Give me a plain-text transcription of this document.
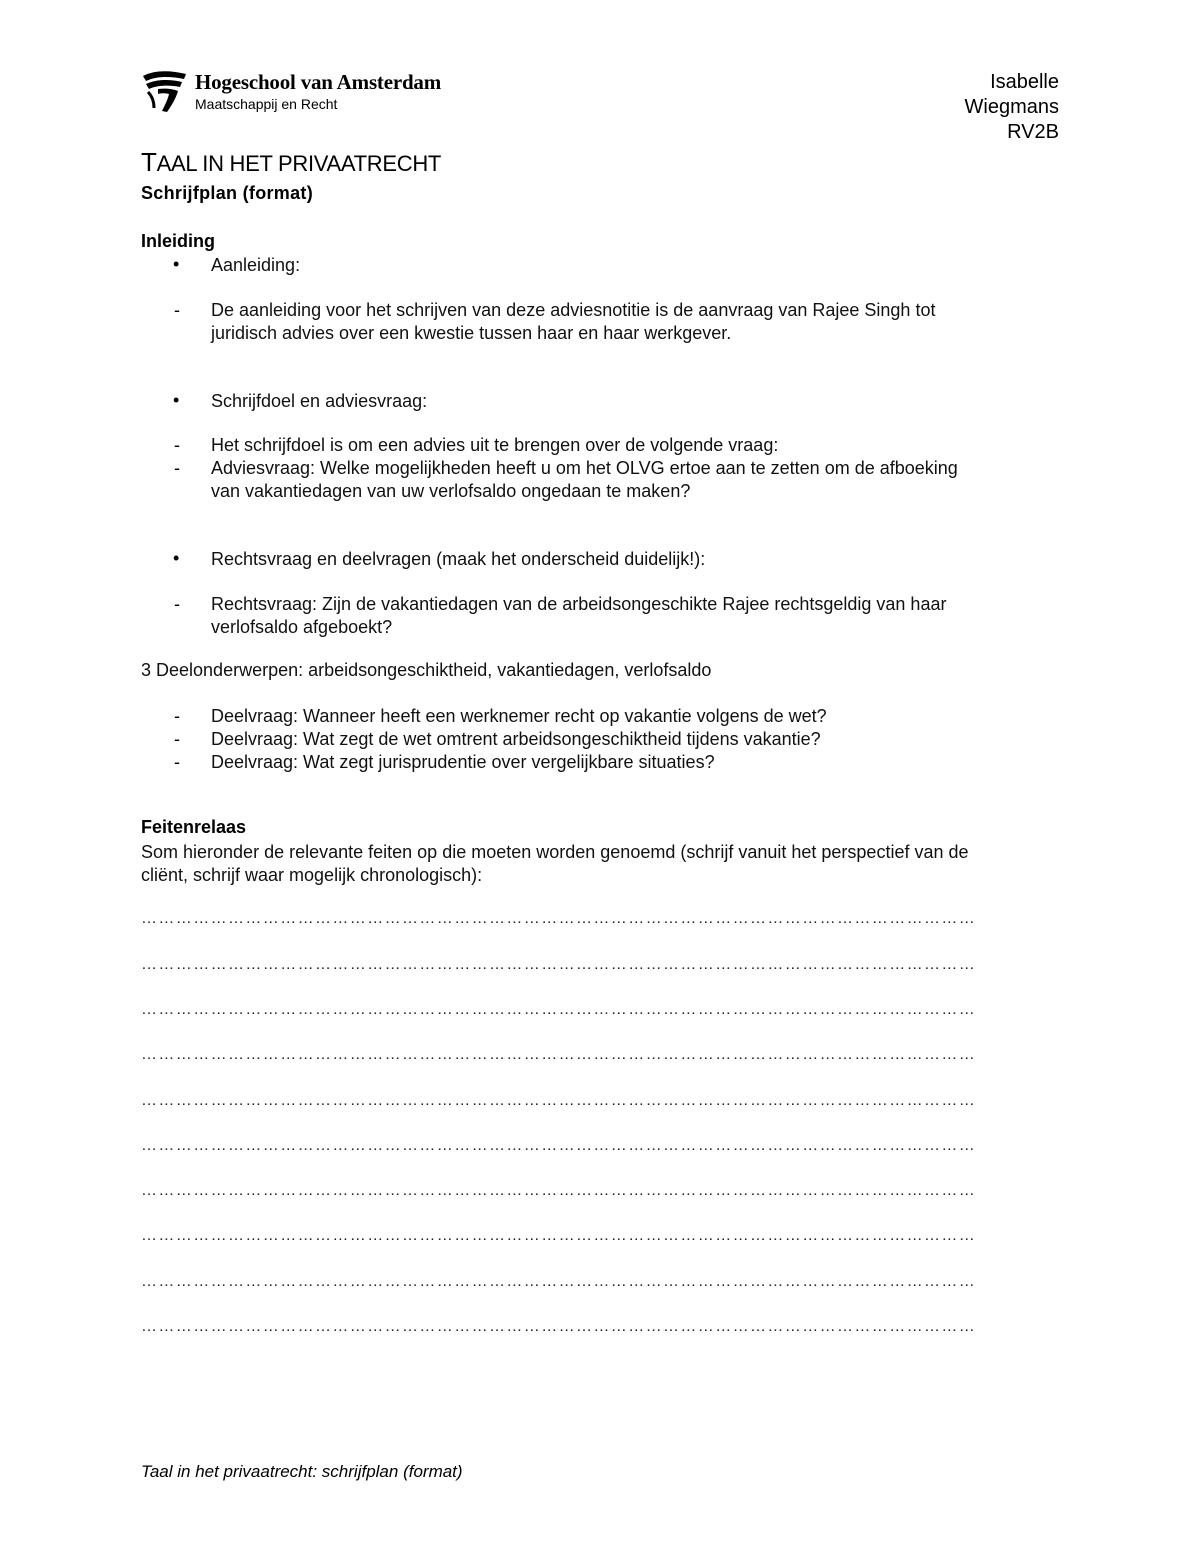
Hogeschool van Amsterdam
Maatschappij en Recht
Isabelle
Wiegmans
RV2B
TAAL IN HET PRIVAATRECHT
Schrijfplan (format)
Inleiding
• Aanleiding:
- De aanleiding voor het schrijven van deze adviesnotitie is de aanvraag van Rajee Singh tot
juridisch advies over een kwestie tussen haar en haar werkgever.
• Schrijfdoel en adviesvraag:
- Het schrijfdoel is om een advies uit te brengen over de volgende vraag:
- Adviesvraag: Welke mogelijkheden heeft u om het OLVG ertoe aan te zetten om de afboeking
van vakantiedagen van uw verlofsaldo ongedaan te maken?
• Rechtsvraag en deelvragen (maak het onderscheid duidelijk!):
- Rechtsvraag: Zijn de vakantiedagen van de arbeidsongeschikte Rajee rechtsgeldig van haar
verlofsaldo afgeboekt?
3 Deelonderwerpen: arbeidsongeschiktheid, vakantiedagen, verlofsaldo
- Deelvraag: Wanneer heeft een werknemer recht op vakantie volgens de wet?
- Deelvraag: Wat zegt de wet omtrent arbeidsongeschiktheid tijdens vakantie?
- Deelvraag: Wat zegt jurisprudentie over vergelijkbare situaties?
Feitenrelaas
Som hieronder de relevante feiten op die moeten worden genoemd (schrijf vanuit het perspectief van de
cliënt, schrijf waar mogelijk chronologisch):
………………………………………………………………………………………………………………………………
………………………………………………………………………………………………………………………………
………………………………………………………………………………………………………………………………
………………………………………………………………………………………………………………………………
………………………………………………………………………………………………………………………………
………………………………………………………………………………………………………………………………
………………………………………………………………………………………………………………………………
………………………………………………………………………………………………………………………………
………………………………………………………………………………………………………………………………
………………………………………………………………………………………………………………………………
Taal in het privaatrecht: schrijfplan (format)
